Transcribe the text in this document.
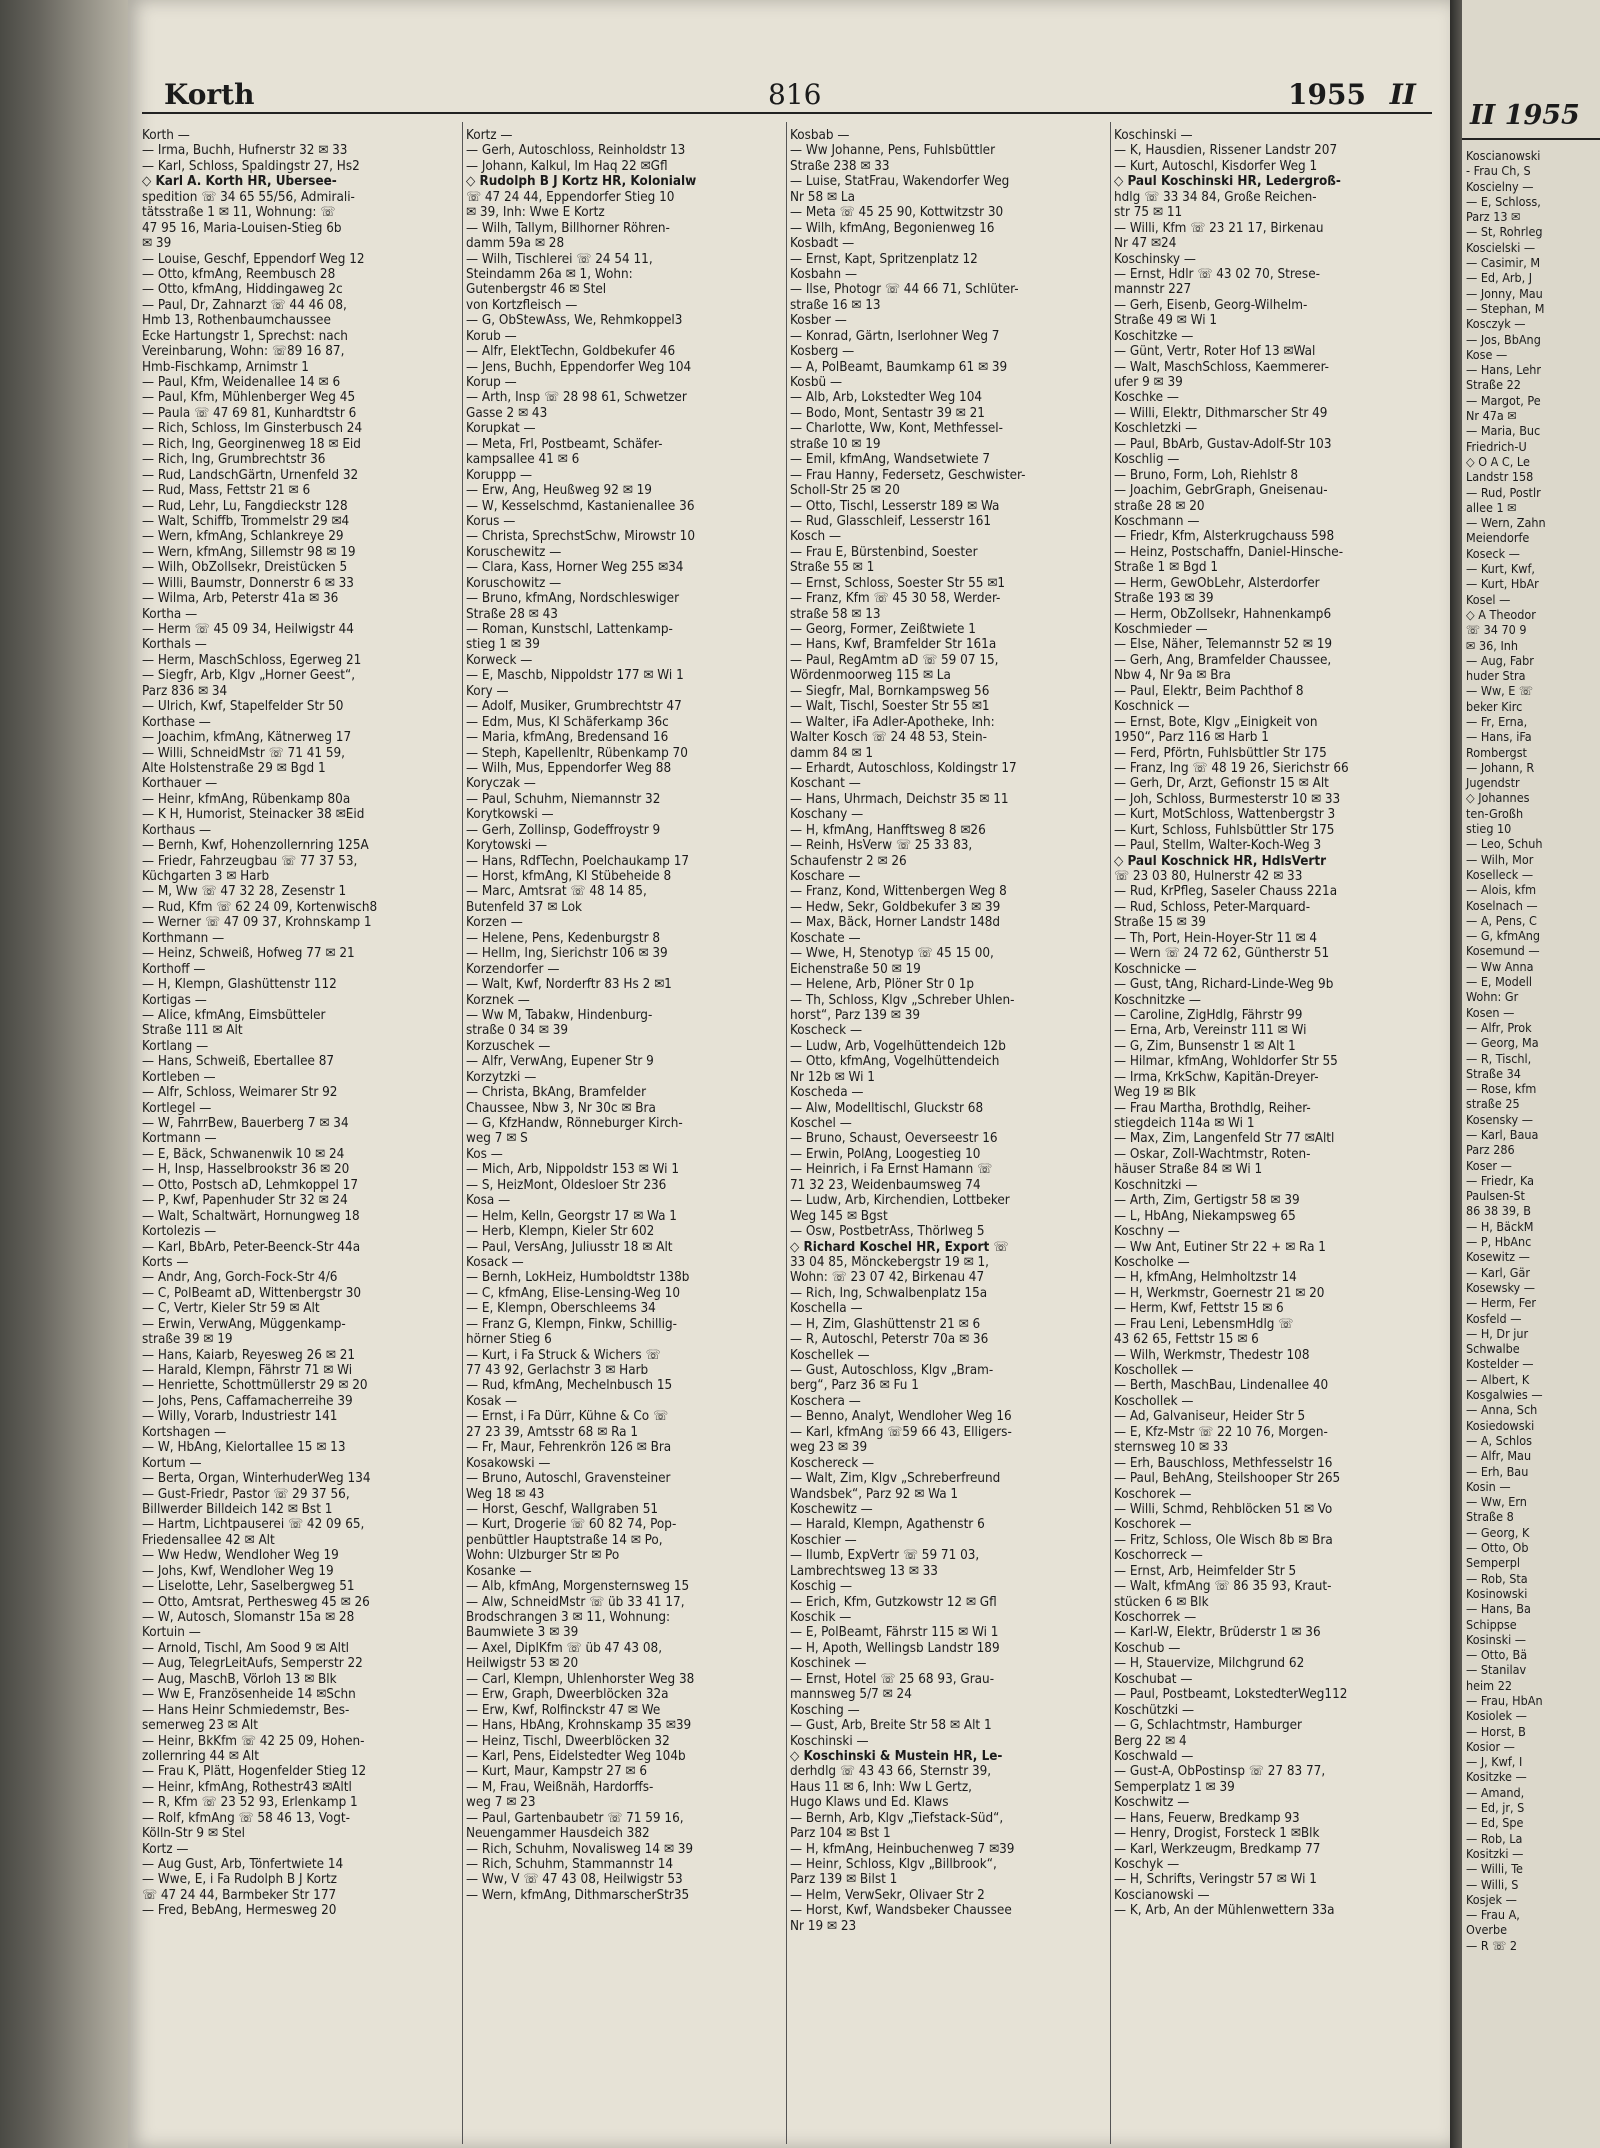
Korth	816	1955 II
Korth —
— Irma, Buchh, Hufnerstr 32 ✉ 33
— Karl, Schloss, Spaldingstr 27, Hs2
◇ Karl A. Korth HR, Übersee-
spedition ☏ 34 65 55/56, Admirali-
tätsstraße 1 ✉ 11, Wohnung: ☏
47 95 16, Maria-Louisen-Stieg 6b
✉ 39
— Louise, Geschf, Eppendorf Weg 12
— Otto, kfmAng, Reembusch 28
— Otto, kfmAng, Hiddingaweg 2c
— Paul, Dr, Zahnarzt ☏ 44 46 08,
Hmb 13, Rothenbaumchaussee
Ecke Hartungstr 1, Sprechst: nach
Vereinbarung, Wohn: ☏89 16 87,
Hmb-Fischkamp, Arnimstr 1
— Paul, Kfm, Weidenallee 14 ✉ 6
— Paul, Kfm, Mühlenberger Weg 45
— Paula ☏ 47 69 81, Kunhardtstr 6
— Rich, Schloss, Im Ginsterbusch 24
— Rich, Ing, Georginenweg 18 ✉ Eid
— Rich, Ing, Grumbrechtstr 36
— Rud, LandschGärtn, Urnenfeld 32
— Rud, Mass, Fettstr 21 ✉ 6
— Rud, Lehr, Lu, Fangdieckstr 128
— Walt, Schiffb, Trommelstr 29 ✉4
— Wern, kfmAng, Schlankreye 29
— Wern, kfmAng, Sillemstr 98 ✉ 19
— Wilh, ObZollsekr, Dreistücken 5
— Willi, Baumstr, Donnerstr 6 ✉ 33
— Wilma, Arb, Peterstr 41a ✉ 36
Kortha —
— Herm ☏ 45 09 34, Heilwigstr 44
Korthals —
— Herm, MaschSchloss, Egerweg 21
— Siegfr, Arb, Klgv „Horner Geest“,
Parz 836 ✉ 34
— Ulrich, Kwf, Stapelfelder Str 50
Korthase —
— Joachim, kfmAng, Kätnerweg 17
— Willi, SchneidMstr ☏ 71 41 59,
Alte Holstenstraße 29 ✉ Bgd 1
Korthauer —
— Heinr, kfmAng, Rübenkamp 80a
— K H, Humorist, Steinacker 38 ✉Eid
Korthaus —
— Bernh, Kwf, Hohenzollernring 125A
— Friedr, Fahrzeugbau ☏ 77 37 53,
Küchgarten 3 ✉ Harb
— M, Ww ☏ 47 32 28, Zesenstr 1
— Rud, Kfm ☏ 62 24 09, Kortenwisch8
— Werner ☏ 47 09 37, Krohnskamp 1
Korthmann —
— Heinz, Schweiß, Hofweg 77 ✉ 21
Korthoff —
— H, Klempn, Glashüttenstr 112
Kortigas —
— Alice, kfmAng, Eimsbütteler
Straße 111 ✉ Alt
Kortlang —
— Hans, Schweiß, Ebertallee 87
Kortleben —
— Alfr, Schloss, Weimarer Str 92
Kortlegel —
— W, FahrrBew, Bauerberg 7 ✉ 34
Kortmann —
— E, Bäck, Schwanenwik 10 ✉ 24
— H, Insp, Hasselbrookstr 36 ✉ 20
— Otto, Postsch aD, Lehmkoppel 17
— P, Kwf, Papenhuder Str 32 ✉ 24
— Walt, Schaltwärt, Hornungweg 18
Kortolezis —
— Karl, BbArb, Peter-Beenck-Str 44a
Korts —
— Andr, Ang, Gorch-Fock-Str 4/6
— C, PolBeamt aD, Wittenbergstr 30
— C, Vertr, Kieler Str 59 ✉ Alt
— Erwin, VerwAng, Müggenkamp-
straße 39 ✉ 19
— Hans, Kaiarb, Reyesweg 26 ✉ 21
— Harald, Klempn, Fährstr 71 ✉ Wi
— Henriette, Schottmüllerstr 29 ✉ 20
— Johs, Pens, Caffamacherreihe 39
— Willy, Vorarb, Industriestr 141
Kortshagen —
— W, HbAng, Kielortallee 15 ✉ 13
Kortum —
— Berta, Organ, WinterhuderWeg 134
— Gust-Friedr, Pastor ☏ 29 37 56,
Billwerder Billdeich 142 ✉ Bst 1
— Hartm, Lichtpauserei ☏ 42 09 65,
Friedensallee 42 ✉ Alt
— Ww Hedw, Wendloher Weg 19
— Johs, Kwf, Wendloher Weg 19
— Liselotte, Lehr, Saselbergweg 51
— Otto, Amtsrat, Perthesweg 45 ✉ 26
— W, Autosch, Slomanstr 15a ✉ 28
Kortuin —
— Arnold, Tischl, Am Sood 9 ✉ Altl
— Aug, TelegrLeitAufs, Semperstr 22
— Aug, MaschB, Vörloh 13 ✉ Blk
— Ww E, Französenheide 14 ✉Schn
— Hans Heinr Schmiedemstr, Bes-
semerweg 23 ✉ Alt
— Heinr, BkKfm ☏ 42 25 09, Hohen-
zollernring 44 ✉ Alt
— Frau K, Plätt, Hogenfelder Stieg 12
— Heinr, kfmAng, Rothestr43 ✉Altl
— R, Kfm ☏ 23 52 93, Erlenkamp 1
— Rolf, kfmAng ☏ 58 46 13, Vogt-
Kölln-Str 9 ✉ Stel
Kortz —
— Aug Gust, Arb, Tönfertwiete 14
— Wwe, E, i Fa Rudolph B J Kortz
☏ 47 24 44, Barmbeker Str 177
— Fred, BebAng, Hermesweg 20
Kortz —
— Gerh, Autoschloss, Reinholdstr 13
— Johann, Kalkul, Im Haq 22 ✉Gfl
◇ Rudolph B J Kortz HR, Kolonialw
☏ 47 24 44, Eppendorfer Stieg 10
✉ 39, Inh: Wwe E Kortz
— Wilh, Tallym, Billhorner Röhren-
damm 59a ✉ 28
— Wilh, Tischlerei ☏ 24 54 11,
Steindamm 26a ✉ 1, Wohn:
Gutenbergstr 46 ✉ Stel
von Kortzfleisch —
— G, ObStewAss, We, Rehmkoppel3
Korub —
— Alfr, ElektTechn, Goldbekufer 46
— Jens, Buchh, Eppendorfer Weg 104
Korup —
— Arth, Insp ☏ 28 98 61, Schwetzer
Gasse 2 ✉ 43
Korupkat —
— Meta, Frl, Postbeamt, Schäfer-
kampsallee 41 ✉ 6
Koruppp —
— Erw, Ang, Heußweg 92 ✉ 19
— W, Kesselschmd, Kastanienallee 36
Korus —
— Christa, SprechstSchw, Mirowstr 10
Koruschewitz —
— Clara, Kass, Horner Weg 255 ✉34
Koruschowitz —
— Bruno, kfmAng, Nordschleswiger
Straße 28 ✉ 43
— Roman, Kunstschl, Lattenkamp-
stieg 1 ✉ 39
Korweck —
— E, Maschb, Nippoldstr 177 ✉ Wi 1
Kory —
— Adolf, Musiker, Grumbrechtstr 47
— Edm, Mus, Kl Schäferkamp 36c
— Maria, kfmAng, Bredensand 16
— Steph, Kapellenltr, Rübenkamp 70
— Wilh, Mus, Eppendorfer Weg 88
Koryczak —
— Paul, Schuhm, Niemannstr 32
Korytkowski —
— Gerh, Zollinsp, Godeffroystr 9
Korytowski —
— Hans, RdfTechn, Poelchaukamp 17
— Horst, kfmAng, Kl Stübeheide 8
— Marc, Amtsrat ☏ 48 14 85,
Butenfeld 37 ✉ Lok
Korzen —
— Helene, Pens, Kedenburgstr 8
— Hellm, Ing, Sierichstr 106 ✉ 39
Korzendorfer —
— Walt, Kwf, Norderftr 83 Hs 2 ✉1
Korznek —
— Ww M, Tabakw, Hindenburg-
straße 0 34 ✉ 39
Korzuschek —
— Alfr, VerwAng, Eupener Str 9
Korzytzki —
— Christa, BkAng, Bramfelder
Chaussee, Nbw 3, Nr 30c ✉ Bra
— G, KfzHandw, Rönneburger Kirch-
weg 7 ✉ S
Kos —
— Mich, Arb, Nippoldstr 153 ✉ Wi 1
— S, HeizMont, Oldesloer Str 236
Kosa —
— Helm, Kelln, Georgstr 17 ✉ Wa 1
— Herb, Klempn, Kieler Str 602
— Paul, VersAng, Juliusstr 18 ✉ Alt
Kosack —
— Bernh, LokHeiz, Humboldtstr 138b
— C, kfmAng, Elise-Lensing-Weg 10
— E, Klempn, Oberschleems 34
— Franz G, Klempn, Finkw, Schillig-
hörner Stieg 6
— Kurt, i Fa Struck & Wichers ☏
77 43 92, Gerlachstr 3 ✉ Harb
— Rud, kfmAng, Mechelnbusch 15
Kosak —
— Ernst, i Fa Dürr, Kühne & Co ☏
27 23 39, Amtsstr 68 ✉ Ra 1
— Fr, Maur, Fehrenkrön 126 ✉ Bra
Kosakowski —
— Bruno, Autoschl, Gravensteiner
Weg 18 ✉ 43
— Horst, Geschf, Wallgraben 51
— Kurt, Drogerie ☏ 60 82 74, Pop-
penbüttler Hauptstraße 14 ✉ Po,
Wohn: Ulzburger Str ✉ Po
Kosanke —
— Alb, kfmAng, Morgensternsweg 15
— Alw, SchneidMstr ☏ üb 33 41 17,
Brodschrangen 3 ✉ 11, Wohnung:
Baumwiete 3 ✉ 39
— Axel, DiplKfm ☏ üb 47 43 08,
Heilwigstr 53 ✉ 20
— Carl, Klempn, Uhlenhorster Weg 38
— Erw, Graph, Dweerblöcken 32a
— Erw, Kwf, Rolfinckstr 47 ✉ We
— Hans, HbAng, Krohnskamp 35 ✉39
— Heinz, Tischl, Dweerblöcken 32
— Karl, Pens, Eidelstedter Weg 104b
— Kurt, Maur, Kampstr 27 ✉ 6
— M, Frau, Weißnäh, Hardorffs-
weg 7 ✉ 23
— Paul, Gartenbaubetr ☏ 71 59 16,
Neuengammer Hausdeich 382
— Rich, Schuhm, Novalisweg 14 ✉ 39
— Rich, Schuhm, Stammannstr 14
— Ww, V ☏ 47 43 08, Heilwigstr 53
— Wern, kfmAng, DithmarscherStr35
Kosbab —
— Ww Johanne, Pens, Fuhlsbüttler
Straße 238 ✉ 33
— Luise, StatFrau, Wakendorfer Weg
Nr 58 ✉ La
— Meta ☏ 45 25 90, Kottwitzstr 30
— Wilh, kfmAng, Begonienweg 16
Kosbadt —
— Ernst, Kapt, Spritzenplatz 12
Kosbahn —
— Ilse, Photogr ☏ 44 66 71, Schlüter-
straße 16 ✉ 13
Kosber —
— Konrad, Gärtn, Iserlohner Weg 7
Kosberg —
— A, PolBeamt, Baumkamp 61 ✉ 39
Kosbü —
— Alb, Arb, Lokstedter Weg 104
— Bodo, Mont, Sentastr 39 ✉ 21
— Charlotte, Ww, Kont, Methfessel-
straße 10 ✉ 19
— Emil, kfmAng, Wandsetwiete 7
— Frau Hanny, Federsetz, Geschwister-
Scholl-Str 25 ✉ 20
— Otto, Tischl, Lesserstr 189 ✉ Wa
— Rud, Glasschleif, Lesserstr 161
Kosch —
— Frau E, Bürstenbind, Soester
Straße 55 ✉ 1
— Ernst, Schloss, Soester Str 55 ✉1
— Franz, Kfm ☏ 45 30 58, Werder-
straße 58 ✉ 13
— Georg, Former, Zeißtwiete 1
— Hans, Kwf, Bramfelder Str 161a
— Paul, RegAmtm aD ☏ 59 07 15,
Wördenmoorweg 115 ✉ La
— Siegfr, Mal, Bornkampsweg 56
— Walt, Tischl, Soester Str 55 ✉1
— Walter, iFa Adler-Apotheke, Inh:
Walter Kosch ☏ 24 48 53, Stein-
damm 84 ✉ 1
— Erhardt, Autoschloss, Koldingstr 17
Koschant —
— Hans, Uhrmach, Deichstr 35 ✉ 11
Koschany —
— H, kfmAng, Hanfftsweg 8 ✉26
— Reinh, HsVerw ☏ 25 33 83,
Schaufenstr 2 ✉ 26
Koschare —
— Franz, Kond, Wittenbergen Weg 8
— Hedw, Sekr, Goldbekufer 3 ✉ 39
— Max, Bäck, Horner Landstr 148d
Koschate —
— Wwe, H, Stenotyp ☏ 45 15 00,
Eichenstraße 50 ✉ 19
— Helene, Arb, Plöner Str 0 1p
— Th, Schloss, Klgv „Schreber Uhlen-
horst“, Parz 139 ✉ 39
Koscheck —
— Ludw, Arb, Vogelhüttendeich 12b
— Otto, kfmAng, Vogelhüttendeich
Nr 12b ✉ Wi 1
Koscheda —
— Alw, Modelltischl, Gluckstr 68
Koschel —
— Bruno, Schaust, Oeverseestr 16
— Erwin, PolAng, Loogestieg 10
— Heinrich, i Fa Ernst Hamann ☏
71 32 23, Weidenbaumsweg 74
— Ludw, Arb, Kirchendien, Lottbeker
Weg 145 ✉ Bgst
— Osw, PostbetrAss, Thörlweg 5
◇ Richard Koschel HR, Export ☏
33 04 85, Mönckebergstr 19 ✉ 1,
Wohn: ☏ 23 07 42, Birkenau 47
— Rich, Ing, Schwalbenplatz 15a
Koschella —
— H, Zim, Glashüttenstr 21 ✉ 6
— R, Autoschl, Peterstr 70a ✉ 36
Koschellek —
— Gust, Autoschloss, Klgv „Bram-
berg“, Parz 36 ✉ Fu 1
Koschera —
— Benno, Analyt, Wendloher Weg 16
— Karl, kfmAng ☏59 66 43, Elligers-
weg 23 ✉ 39
Koschereck —
— Walt, Zim, Klgv „Schreberfreund
Wandsbek“, Parz 92 ✉ Wa 1
Koschewitz —
— Harald, Klempn, Agathenstr 6
Koschier —
— Ilumb, ExpVertr ☏ 59 71 03,
Lambrechtsweg 13 ✉ 33
Koschig —
— Erich, Kfm, Gutzkowstr 12 ✉ Gfl
Koschik —
— E, PolBeamt, Fährstr 115 ✉ Wi 1
— H, Apoth, Wellingsb Landstr 189
Koschinek —
— Ernst, Hotel ☏ 25 68 93, Grau-
mannsweg 5/7 ✉ 24
Kosching —
— Gust, Arb, Breite Str 58 ✉ Alt 1
Koschinski —
◇ Koschinski & Mustein HR, Le-
derhdlg ☏ 43 43 66, Sternstr 39,
Haus 11 ✉ 6, Inh: Ww L Gertz,
Hugo Klaws und Ed. Klaws
— Bernh, Arb, Klgv „Tiefstack-Süd“,
Parz 104 ✉ Bst 1
— H, kfmAng, Heinbuchenweg 7 ✉39
— Heinr, Schloss, Klgv „Billbrook“,
Parz 139 ✉ Bilst 1
— Helm, VerwSekr, Olivaer Str 2
— Horst, Kwf, Wandsbeker Chaussee
Nr 19 ✉ 23
Koschinski —
— K, Hausdien, Rissener Landstr 207
— Kurt, Autoschl, Kisdorfer Weg 1
◇ Paul Koschinski HR, Ledergroß-
hdlg ☏ 33 34 84, Große Reichen-
str 75 ✉ 11
— Willi, Kfm ☏ 23 21 17, Birkenau
Nr 47 ✉24
Koschinsky —
— Ernst, Hdlr ☏ 43 02 70, Strese-
mannstr 227
— Gerh, Eisenb, Georg-Wilhelm-
Straße 49 ✉ Wi 1
Koschitzke —
— Günt, Vertr, Roter Hof 13 ✉Wal
— Walt, MaschSchloss, Kaemmerer-
ufer 9 ✉ 39
Koschke —
— Willi, Elektr, Dithmarscher Str 49
Koschletzki —
— Paul, BbArb, Gustav-Adolf-Str 103
Koschlig —
— Bruno, Form, Loh, Riehlstr 8
— Joachim, GebrGraph, Gneisenau-
straße 28 ✉ 20
Koschmann —
— Friedr, Kfm, Alsterkrugchauss 598
— Heinz, Postschaffn, Daniel-Hinsche-
Straße 1 ✉ Bgd 1
— Herm, GewObLehr, Alsterdorfer
Straße 193 ✉ 39
— Herm, ObZollsekr, Hahnenkamp6
Koschmieder —
— Else, Näher, Telemannstr 52 ✉ 19
— Gerh, Ang, Bramfelder Chaussee,
Nbw 4, Nr 9a ✉ Bra
— Paul, Elektr, Beim Pachthof 8
Koschnick —
— Ernst, Bote, Klgv „Einigkeit von
1950“, Parz 116 ✉ Harb 1
— Ferd, Pförtn, Fuhlsbüttler Str 175
— Franz, Ing ☏ 48 19 26, Sierichstr 66
— Gerh, Dr, Arzt, Gefionstr 15 ✉ Alt
— Joh, Schloss, Burmesterstr 10 ✉ 33
— Kurt, MotSchloss, Wattenbergstr 3
— Kurt, Schloss, Fuhlsbüttler Str 175
— Paul, Stellm, Walter-Koch-Weg 3
◇ Paul Koschnick HR, HdlsVertr
☏ 23 03 80, Hulnerstr 42 ✉ 33
— Rud, KrPfleg, Saseler Chauss 221a
— Rud, Schloss, Peter-Marquard-
Straße 15 ✉ 39
— Th, Port, Hein-Hoyer-Str 11 ✉ 4
— Wern ☏ 24 72 62, Güntherstr 51
Koschnicke —
— Gust, tAng, Richard-Linde-Weg 9b
Koschnitzke —
— Caroline, ZigHdlg, Fährstr 99
— Erna, Arb, Vereinstr 111 ✉ Wi
— G, Zim, Bunsenstr 1 ✉ Alt 1
— Hilmar, kfmAng, Wohldorfer Str 55
— Irma, KrkSchw, Kapitän-Dreyer-
Weg 19 ✉ Blk
— Frau Martha, Brothdlg, Reiher-
stiegdeich 114a ✉ Wi 1
— Max, Zim, Langenfeld Str 77 ✉Altl
— Oskar, Zoll-Wachtmstr, Roten-
häuser Straße 84 ✉ Wi 1
Koschnitzki —
— Arth, Zim, Gertigstr 58 ✉ 39
— L, HbAng, Niekampsweg 65
Koschny —
— Ww Ant, Eutiner Str 22 + ✉ Ra 1
Koscholke —
— H, kfmAng, Helmholtzstr 14
— H, Werkmstr, Goernestr 21 ✉ 20
— Herm, Kwf, Fettstr 15 ✉ 6
— Frau Leni, LebensmHdlg ☏
43 62 65, Fettstr 15 ✉ 6
— Wilh, Werkmstr, Thedestr 108
Koschollek —
— Berth, MaschBau, Lindenallee 40
Koschollek —
— Ad, Galvaniseur, Heider Str 5
— E, Kfz-Mstr ☏ 22 10 76, Morgen-
sternsweg 10 ✉ 33
— Erh, Bauschloss, Methfesselstr 16
— Paul, BehAng, Steilshooper Str 265
Koschorek —
— Willi, Schmd, Rehblöcken 51 ✉ Vo
Koschorek —
— Fritz, Schloss, Ole Wisch 8b ✉ Bra
Koschorreck —
— Ernst, Arb, Heimfelder Str 5
— Walt, kfmAng ☏ 86 35 93, Kraut-
stücken 6 ✉ Blk
Koschorrek —
— Karl-W, Elektr, Brüderstr 1 ✉ 36
Koschub —
— H, Stauervize, Milchgrund 62
Koschubat —
— Paul, Postbeamt, LokstedterWeg112
Koschützki —
— G, Schlachtmstr, Hamburger
Berg 22 ✉ 4
Koschwald —
— Gust-A, ObPostinsp ☏ 27 83 77,
Semperplatz 1 ✉ 39
Koschwitz —
— Hans, Feuerw, Bredkamp 93
— Henry, Drogist, Forsteck 1 ✉Blk
— Karl, Werkzeugm, Bredkamp 77
Koschyk —
— H, Schrifts, Veringstr 57 ✉ Wi 1
Koscianowski —
— K, Arb, An der Mühlenwettern 33a
II 1955
Koscianowski
- Frau Ch, S
Koscielny —
— E, Schloss,
Parz 13 ✉
— St, Rohrleg
Koscielski —
— Casimir, M
— Ed, Arb, J
— Jonny, Mau
— Stephan, M
Kosczyk —
— Jos, BbAng
Kose —
— Hans, Lehr
Straße 22
— Margot, Pe
Nr 47a ✉
— Maria, Buc
Friedrich-U
◇ O A C, Le
Landstr 158
— Rud, Postlr
allee 1 ✉
— Wern, Zahn
Meiendorfe
Koseck —
— Kurt, Kwf,
— Kurt, HbAr
Kosel —
◇ A Theodor
☏ 34 70 9
✉ 36, Inh
— Aug, Fabr
huder Stra
— Ww, E ☏
beker Kirc
— Fr, Erna,
— Hans, iFa
Rombergst
— Johann, R
Jugendstr
◇ Johannes
ten-Großh
stieg 10
— Leo, Schuh
— Wilh, Mor
Koselleck —
— Alois, kfm
Koselnach —
— A, Pens, C
— G, kfmAng
Kosemund —
— Ww Anna
— E, Modell
Wohn: Gr
Kosen —
— Alfr, Prok
— Georg, Ma
— R, Tischl,
Straße 34
— Rose, kfm
straße 25
Kosensky —
— Karl, Baua
Parz 286
Koser —
— Friedr, Ka
Paulsen-St
86 38 39, B
— H, BäckM
— P, HbAnc
Kosewitz —
— Karl, Gär
Kosewsky —
— Herm, Fer
Kosfeld —
— H, Dr jur
Schwalbe
Kostelder —
— Albert, K
Kosgalwies —
— Anna, Sch
Kosiedowski
— A, Schlos
— Alfr, Mau
— Erh, Bau
Kosin —
— Ww, Ern
Straße 8
— Georg, K
— Otto, Ob
Semperpl
— Rob, Sta
Kosinowski
— Hans, Ba
Schippse
Kosinski —
— Otto, Bä
— Stanilav
heim 22
— Frau, HbAn
Kosiolek —
— Horst, B
Kosior —
— J, Kwf, I
Kositzke —
— Amand,
— Ed, jr, S
— Ed, Spe
— Rob, La
Kositzki —
— Willi, Te
— Willi, S
Kosjek —
— Frau A,
Overbe
— R ☏ 2
